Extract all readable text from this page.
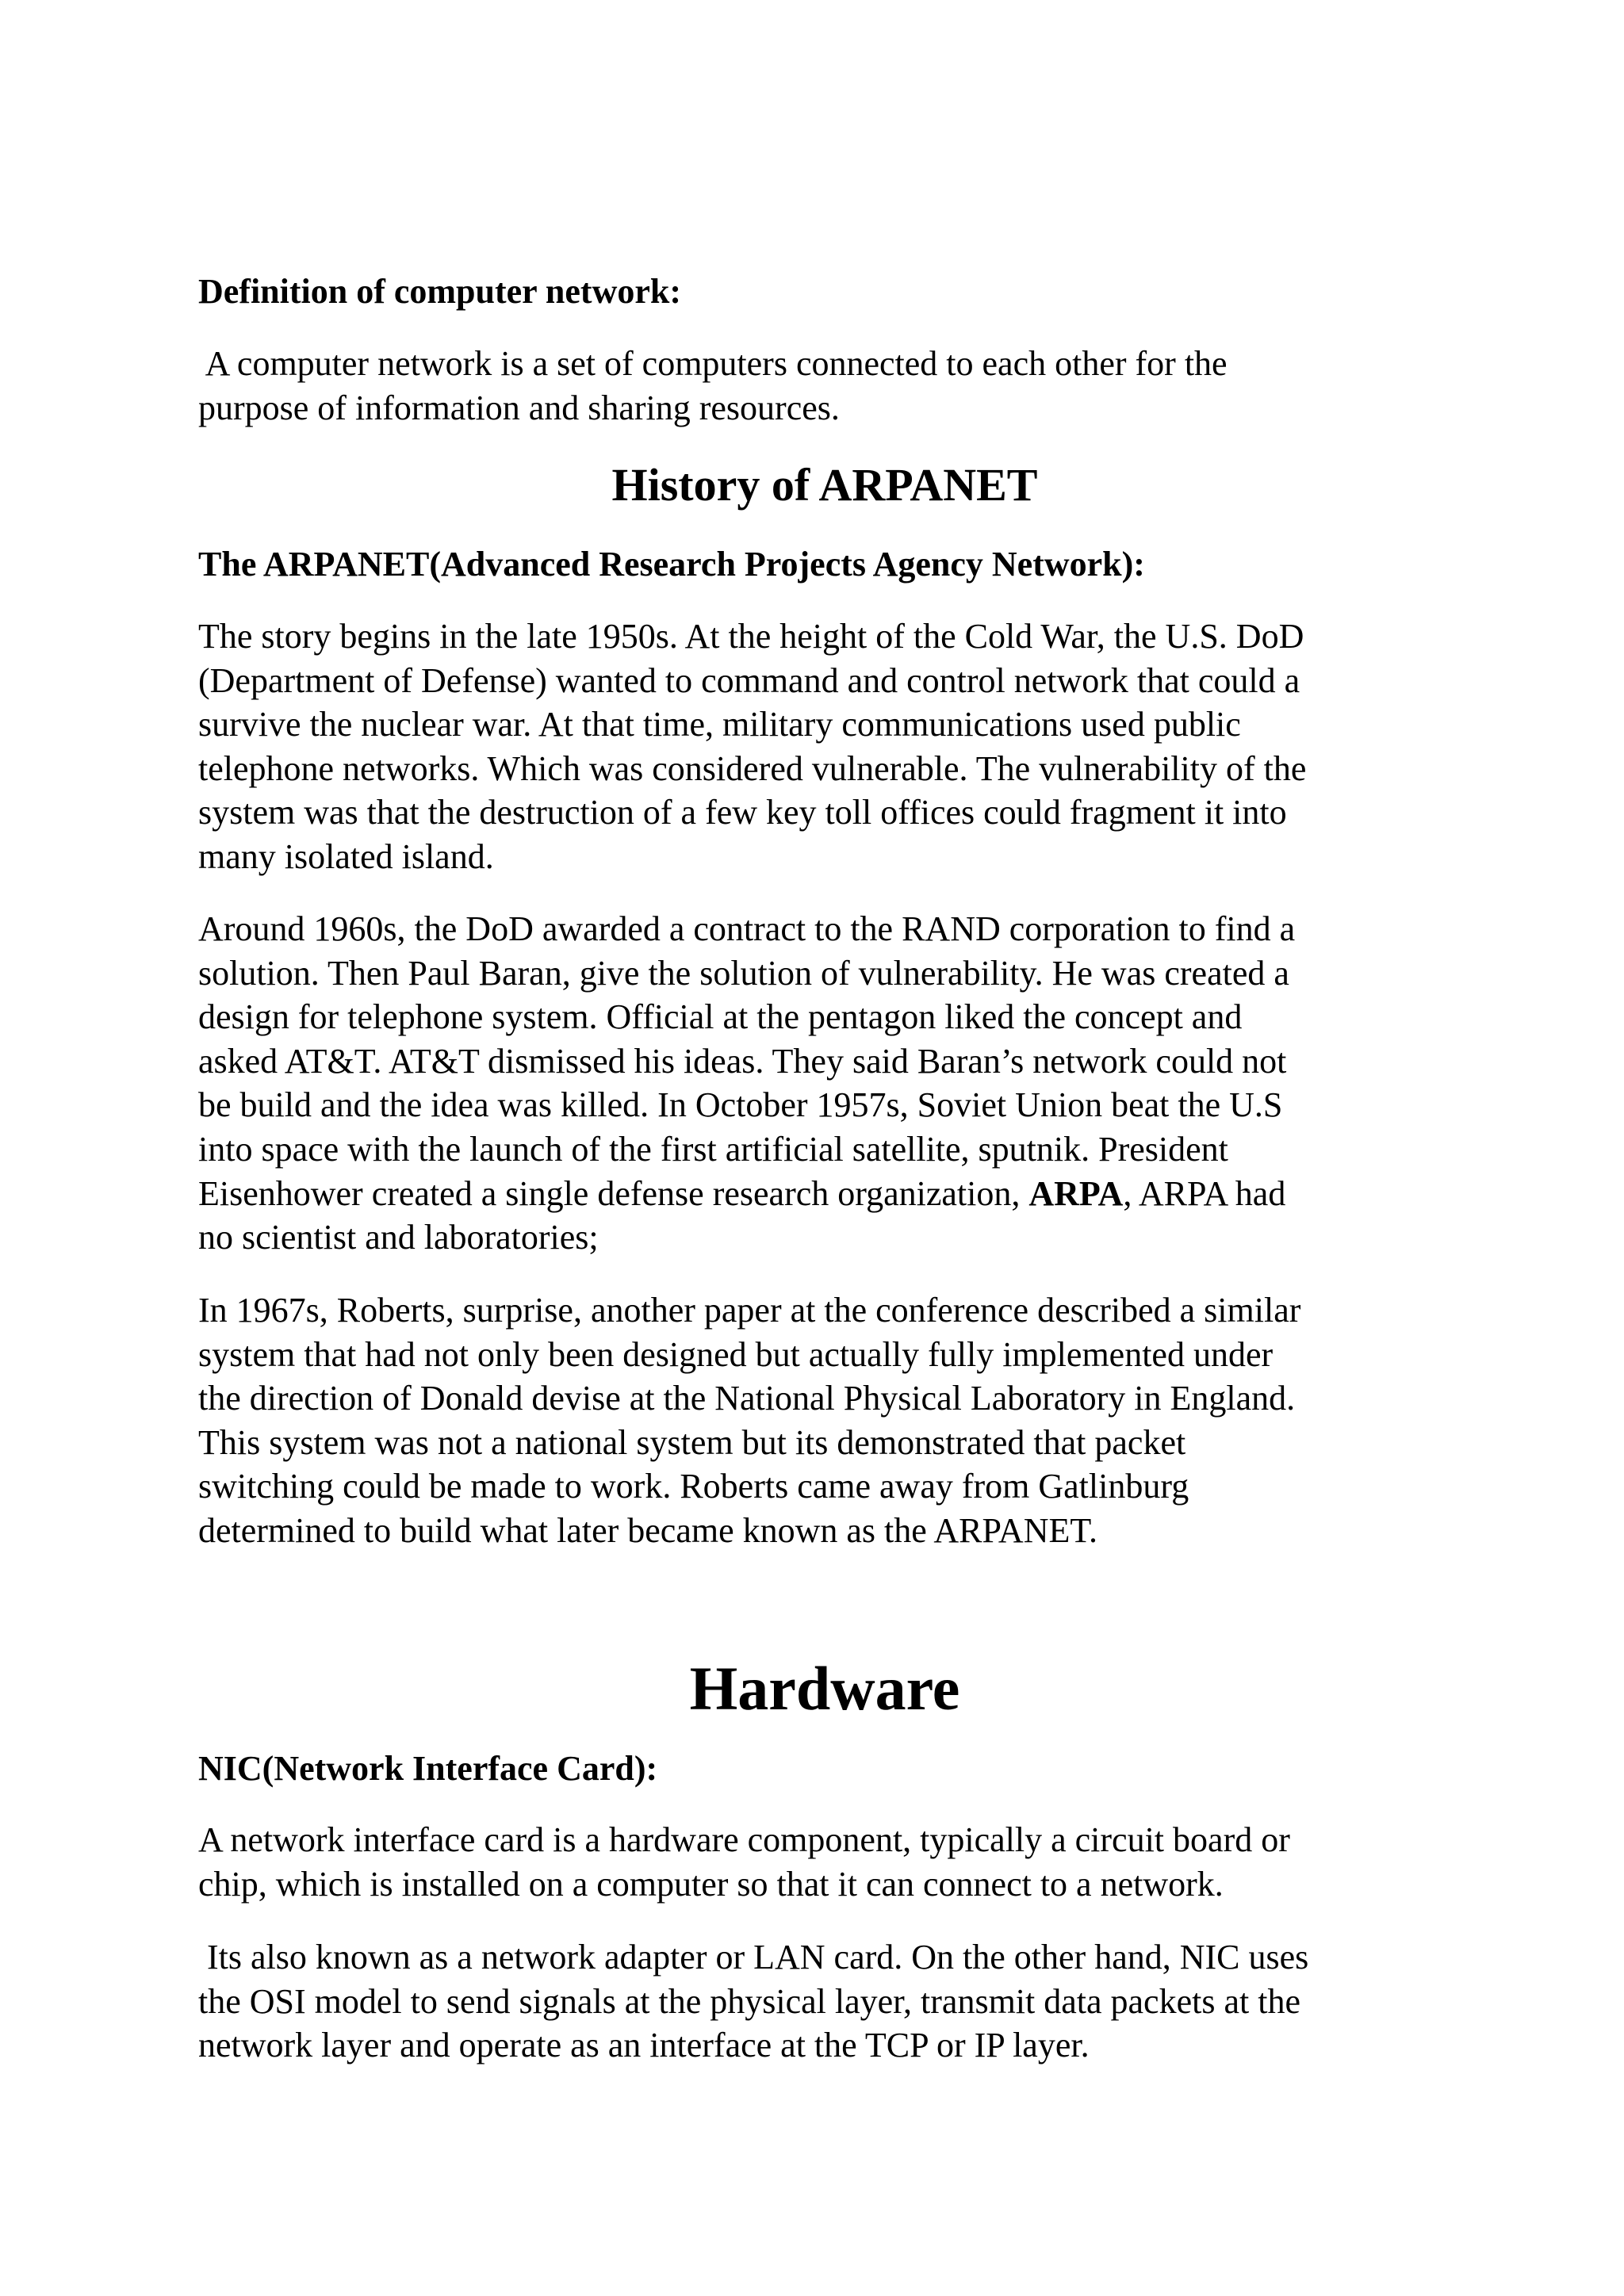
Definition of computer network:

A computer network is a set of computers connected to each other for the
purpose of information and sharing resources.

History of ARPANET
The ARPANET(Advanced Research Projects Agency Network):

The story begins in the late 1950s. At the height of the Cold War, the U.S. DoD
(Department of Defense) wanted to command and control network that could a
survive the nuclear war. At that time, military communications used public
telephone networks. Which was considered vulnerable. The vulnerability of the
system was that the destruction of a few key toll offices could fragment it into
many isolated island.

Around 1960s, the DoD awarded a contract to the RAND corporation to find a
solution. Then Paul Baran, give the solution of vulnerability. He was created a
design for telephone system. Official at the pentagon liked the concept and
asked AT&T. AT&T dismissed his ideas. They said Baran’s network could not
be build and the idea was killed. In October 1957s, Soviet Union beat the U.S
into space with the launch of the first artificial satellite, sputnik. President
Eisenhower created a single defense research organization, ARPA, ARPA had
no scientist and laboratories;

In 1967s, Roberts, surprise, another paper at the conference described a similar
system that had not only been designed but actually fully implemented under
the direction of Donald devise at the National Physical Laboratory in England.
This system was not a national system but its demonstrated that packet
switching could be made to work. Roberts came away from Gatlinburg
determined to build what later became known as the ARPANET.

Hardware
NIC(Network Interface Card):

A network interface card is a hardware component, typically a circuit board or
chip, which is installed on a computer so that it can connect to a network.

Its also known as a network adapter or LAN card. On the other hand, NIC uses
the OSI model to send signals at the physical layer, transmit data packets at the
network layer and operate as an interface at the TCP or IP layer.
